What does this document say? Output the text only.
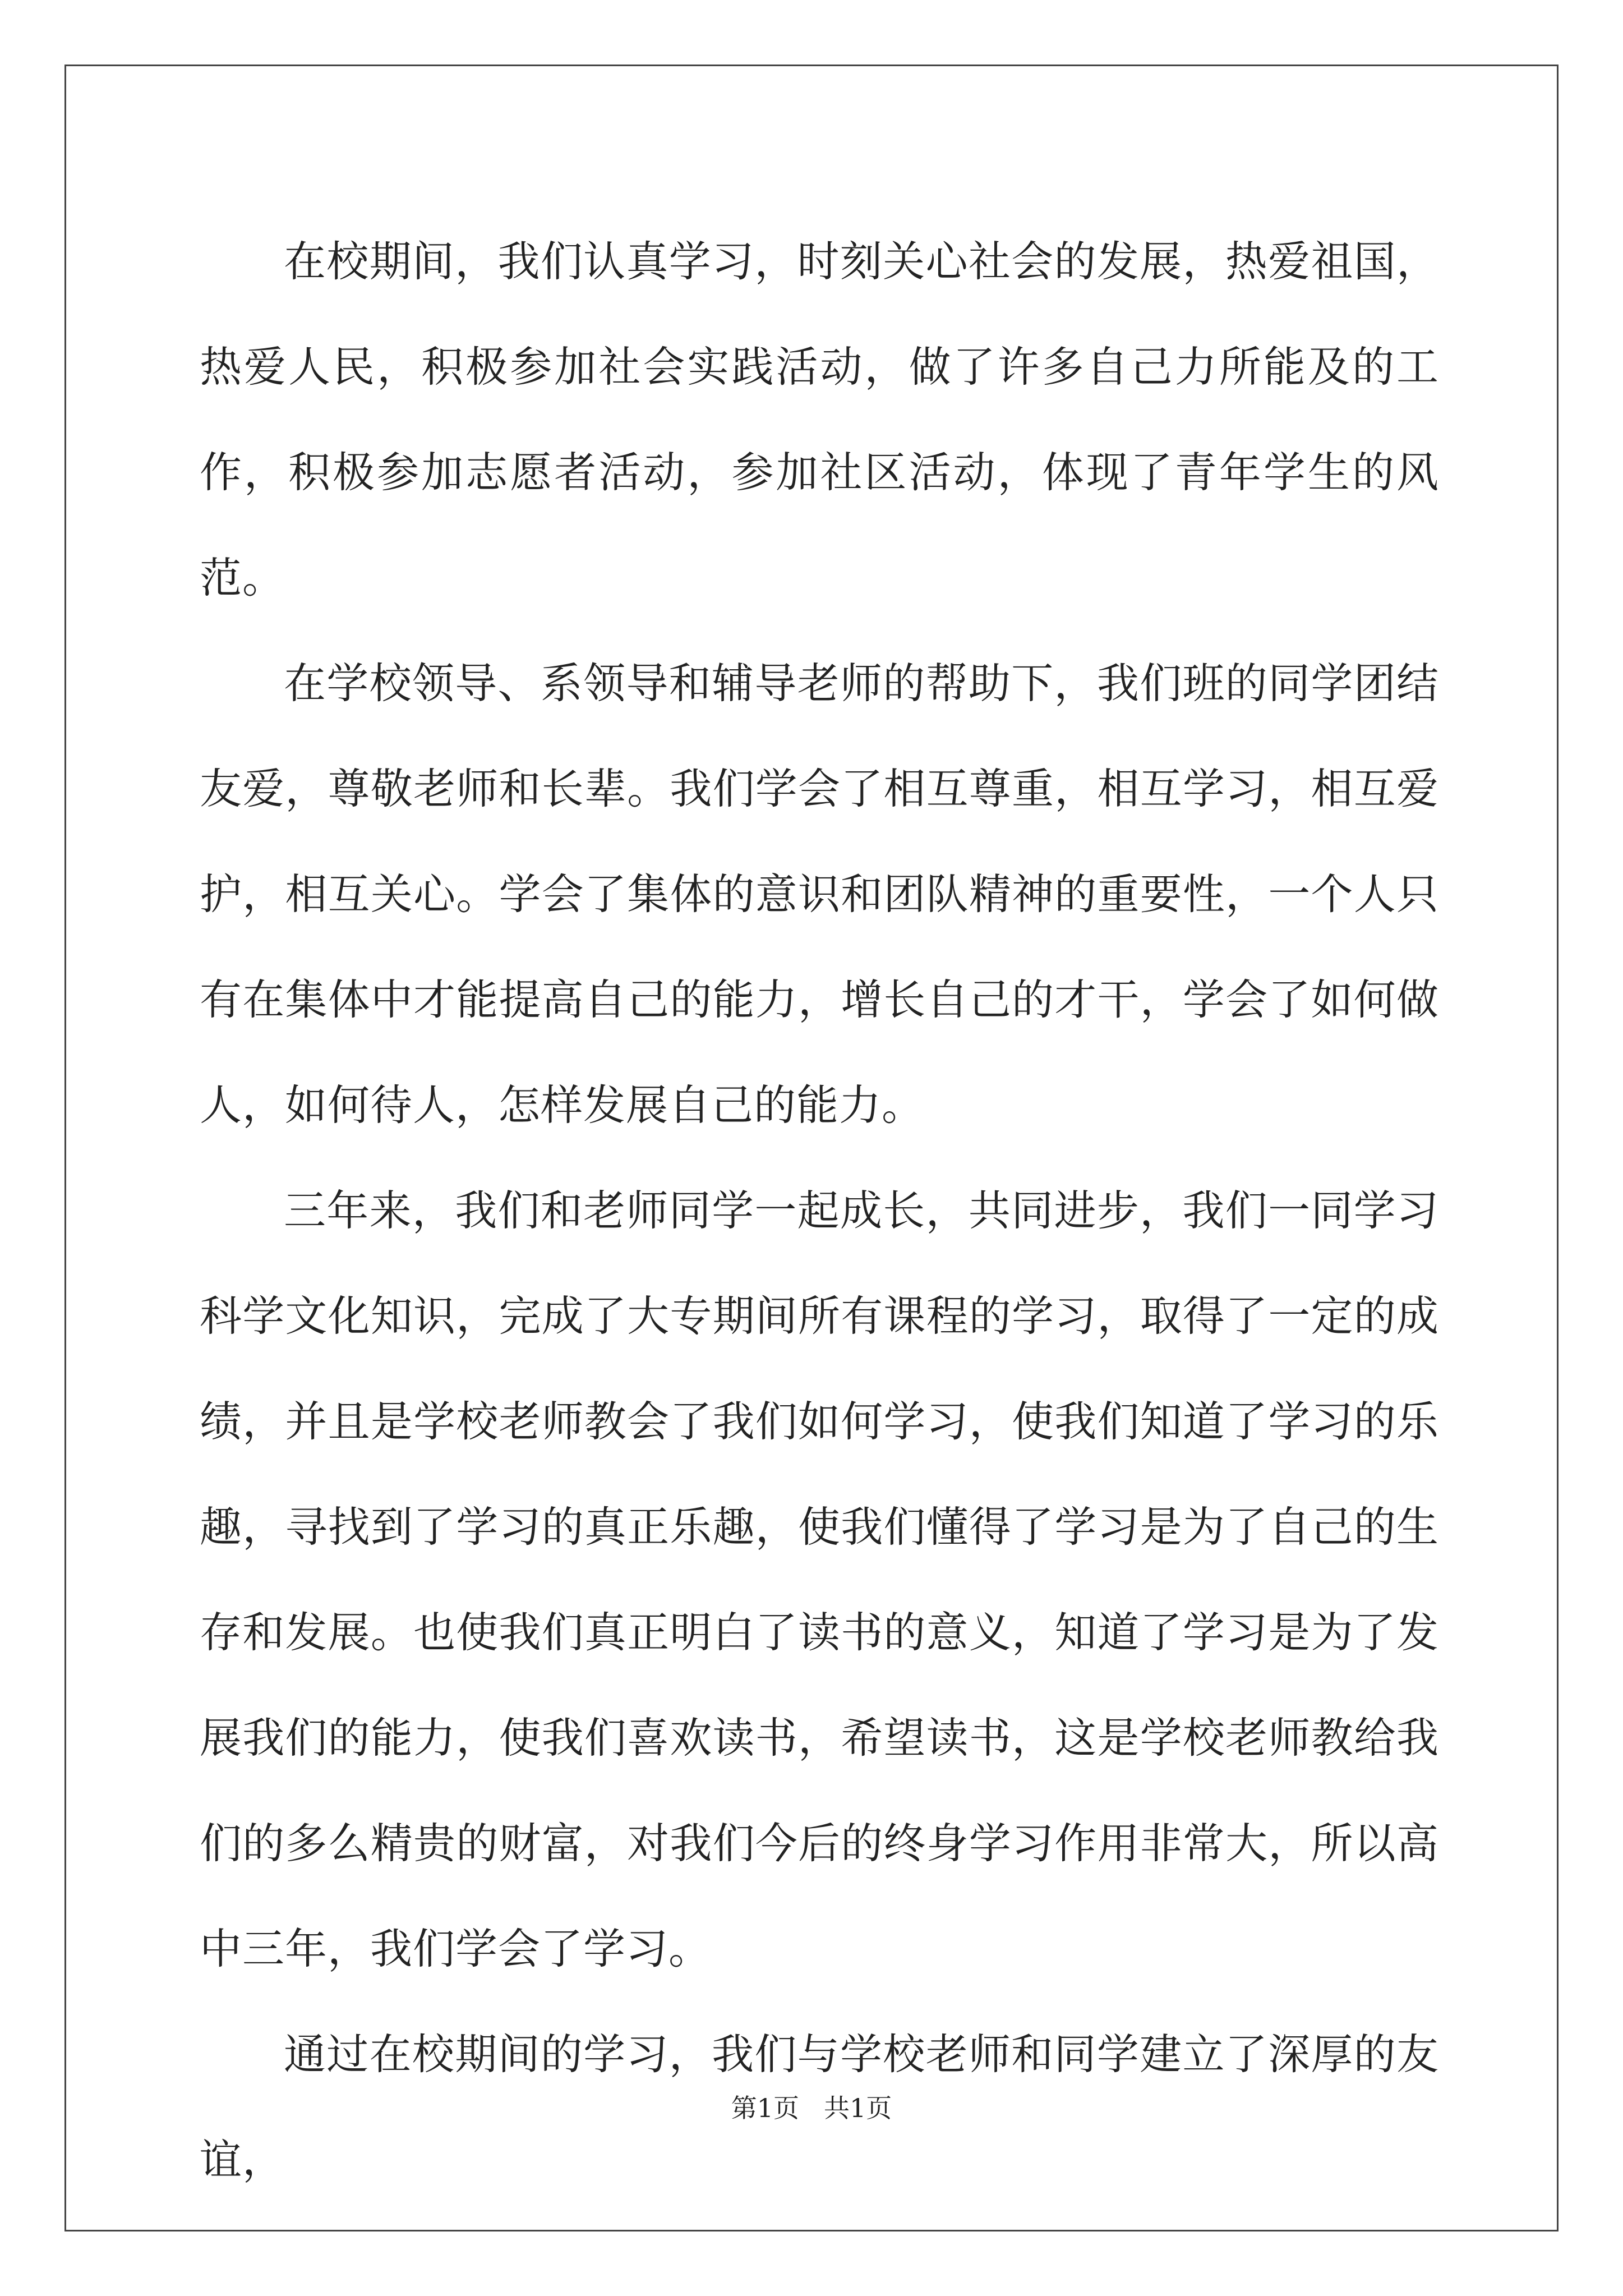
在校期间，我们认真学习，时刻关心社会的发展，热爱祖国，热爱人民，积极参加社会实践活动，做了许多自己力所能及的工作，积极参加志愿者活动，参加社区活动，体现了青年学生的风范。

在学校领导、系领导和辅导老师的帮助下，我们班的同学团结友爱，尊敬老师和长辈。我们学会了相互尊重，相互学习，相互爱护，相互关心。学会了集体的意识和团队精神的重要性，一个人只有在集体中才能提高自己的能力，增长自己的才干，学会了如何做人，如何待人，怎样发展自己的能力。

三年来，我们和老师同学一起成长，共同进步，我们一同学习科学文化知识，完成了大专期间所有课程的学习，取得了一定的成绩，并且是学校老师教会了我们如何学习，使我们知道了学习的乐趣，寻找到了学习的真正乐趣，使我们懂得了学习是为了自己的生存和发展。也使我们真正明白了读书的意义，知道了学习是为了发展我们的能力，使我们喜欢读书，希望读书，这是学校老师教给我们的多么精贵的财富，对我们今后的终身学习作用非常大，所以高中三年，我们学会了学习。

通过在校期间的学习，我们与学校老师和同学建立了深厚的友谊，

第1页 共1页
